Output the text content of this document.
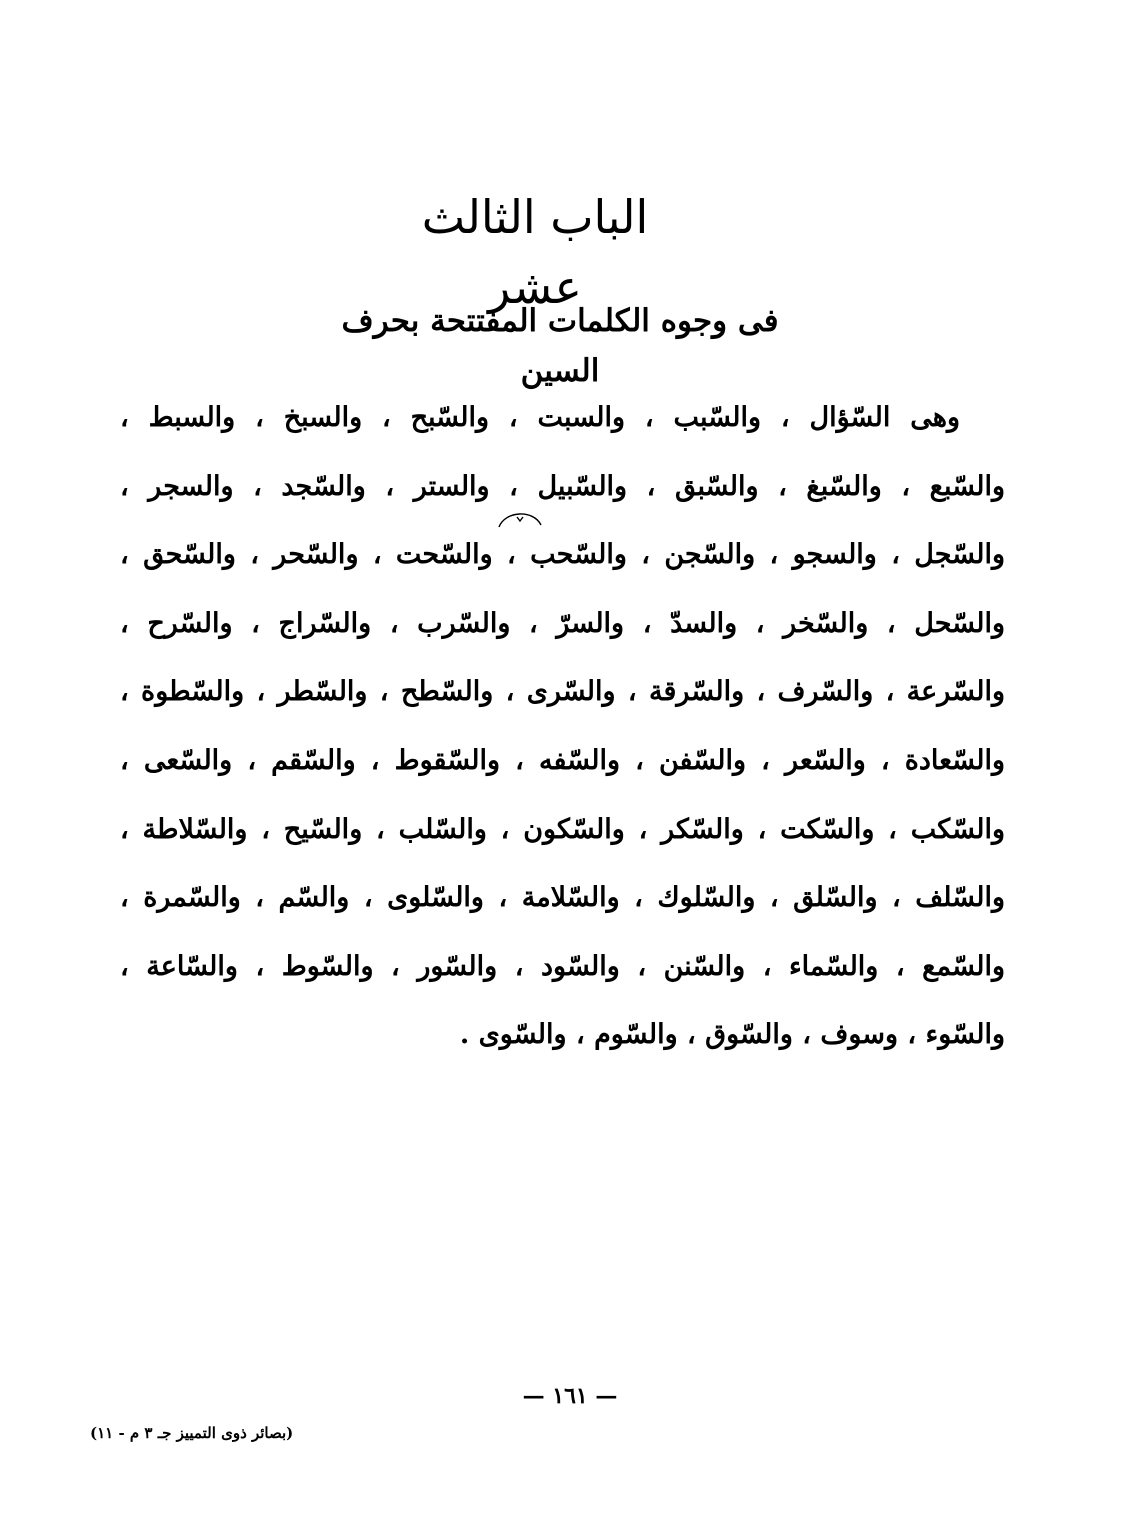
الباب الثالث عشر
فى وجوه الكلمات المفتتحة بحرف السين
وهى السّؤال ، والسّبب ، والسبت ، والسّبح ، والسبخ ، والسبط ،
والسّبع ، والسّبغ ، والسّبق ، والسّبيل ، والستر ، والسّجد ، والسجر ،
والسّجل ، والسجو ، والسّجن ، والسّحب ، والسّحت ، والسّحر ، والسّحق ،
والسّحل ، والسّخر ، والسدّ ، والسرّ ، والسّرب ، والسّراج ، والسّرح ،
والسّرعة ، والسّرف ، والسّرقة ، والسّرى ، والسّطح ، والسّطر ، والسّطوة ،
والسّعادة ، والسّعر ، والسّفن ، والسّفه ، والسّقوط ، والسّقم ، والسّعى ،
والسّكب ، والسّكت ، والسّكر ، والسّكون ، والسّلب ، والسّيح ، والسّلاطة ،
والسّلف ، والسّلق ، والسّلوك ، والسّلامة ، والسّلوى ، والسّم ، والسّمرة ،
والسّمع ، والسّماء ، والسّنن ، والسّود ، والسّور ، والسّوط ، والسّاعة ،
والسّوء ، وسوف ، والسّوق ، والسّوم ، والسّوى .
— ١٦١ —
(بصائر ذوى التمييز جـ ٣ م - ١١)
